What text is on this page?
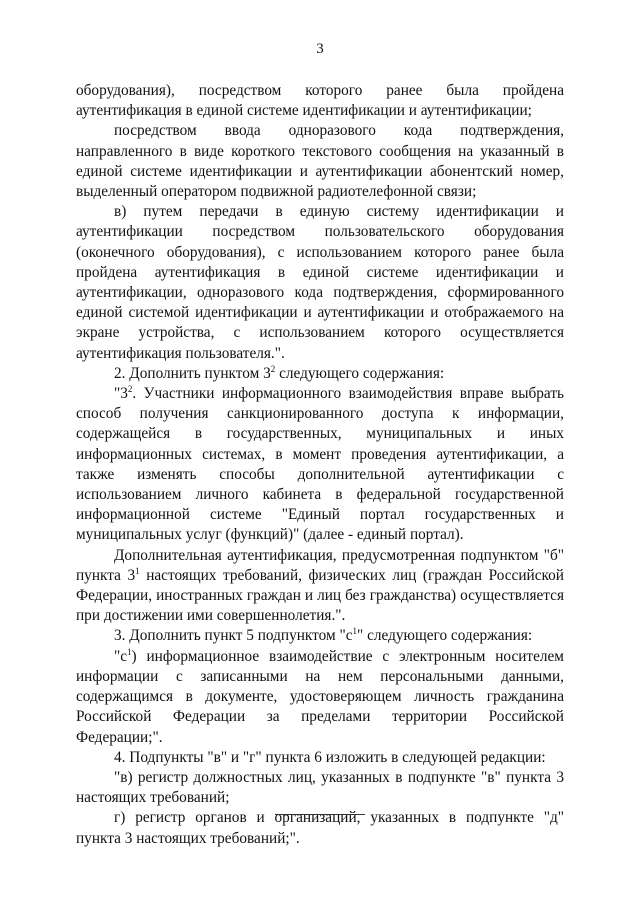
3

оборудования), посредством которого ранее была пройдена аутентификация в единой системе идентификации и аутентификации;

посредством ввода одноразового кода подтверждения, направленного в виде короткого текстового сообщения на указанный в единой системе идентификации и аутентификации абонентский номер, выделенный оператором подвижной радиотелефонной связи;

в) путем передачи в единую систему идентификации и аутентификации посредством пользовательского оборудования (оконечного оборудования), с использованием которого ранее была пройдена аутентификация в единой системе идентификации и аутентификации, одноразового кода подтверждения, сформированного единой системой идентификации и аутентификации и отображаемого на экране устройства, с использованием которого осуществляется аутентификация пользователя.".

2. Дополнить пунктом $3^2$ следующего содержания:

"$3^2$. Участники информационного взаимодействия вправе выбрать способ получения санкционированного доступа к информации, содержащейся в государственных, муниципальных и иных информационных системах, в момент проведения аутентификации, а также изменять способы дополнительной аутентификации с использованием личного кабинета в федеральной государственной информационной системе "Единый портал государственных и муниципальных услуг (функций)" (далее - единый портал).

Дополнительная аутентификация, предусмотренная подпунктом "б" пункта $3^1$ настоящих требований, физических лиц (граждан Российской Федерации, иностранных граждан и лиц без гражданства) осуществляется при достижении ими совершеннолетия.".

3. Дополнить пункт 5 подпунктом "$с^1$" следующего содержания:

"$с^1$) информационное взаимодействие с электронным носителем информации с записанными на нем персональными данными, содержащимся в документе, удостоверяющем личность гражданина Российской Федерации за пределами территории Российской Федерации;".

4. Подпункты "в" и "г" пункта 6 изложить в следующей редакции:

"в) регистр должностных лиц, указанных в подпункте "в" пункта 3 настоящих требований;

г) регистр органов и организаций, указанных в подпункте "д" пункта 3 настоящих требований;".
